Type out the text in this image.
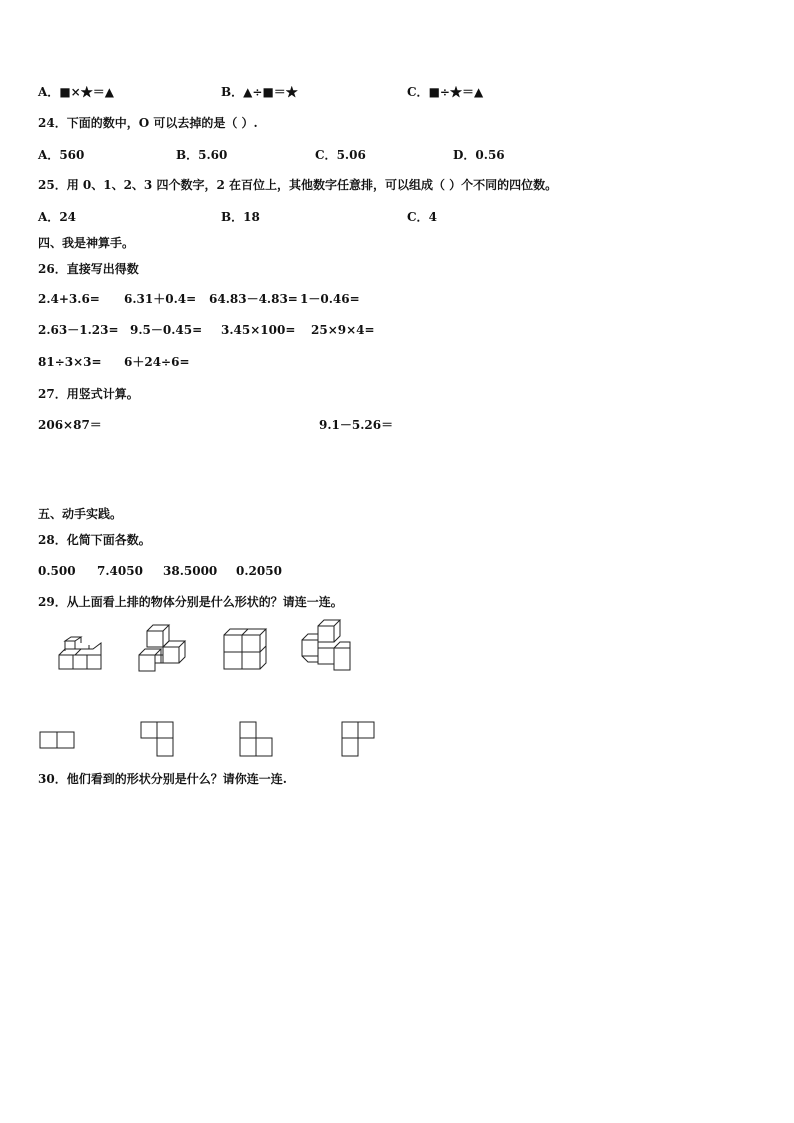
A．■×★＝▲	B．▲÷■＝★	C．■÷★＝▲
24．下面的数中，O 可以去掉的是（ ）.
A．560	B．5.60	C．5.06	D．0.56
25．用 0、1、2、3 四个数字，2 在百位上，其他数字任意排，可以组成（ ）个不同的四位数。
A．24	B．18	C．4
四、我是神算手。
26．直接写出得数
2.4+3.6= 6.31＋0.4= 64.83－4.83= 1－0.46=
2.63－1.23= 9.5－0.45= 3.45×100= 25×9×4=
81÷3×3= 6＋24÷6=
27．用竖式计算。
206×87＝	9.1－5.26＝
五、动手实践。
28．化简下面各数。
0.500 7.4050 38.5000 0.2050
29．从上面看上排的物体分别是什么形状的？请连一连。
30．他们看到的形状分别是什么？请你连一连.
